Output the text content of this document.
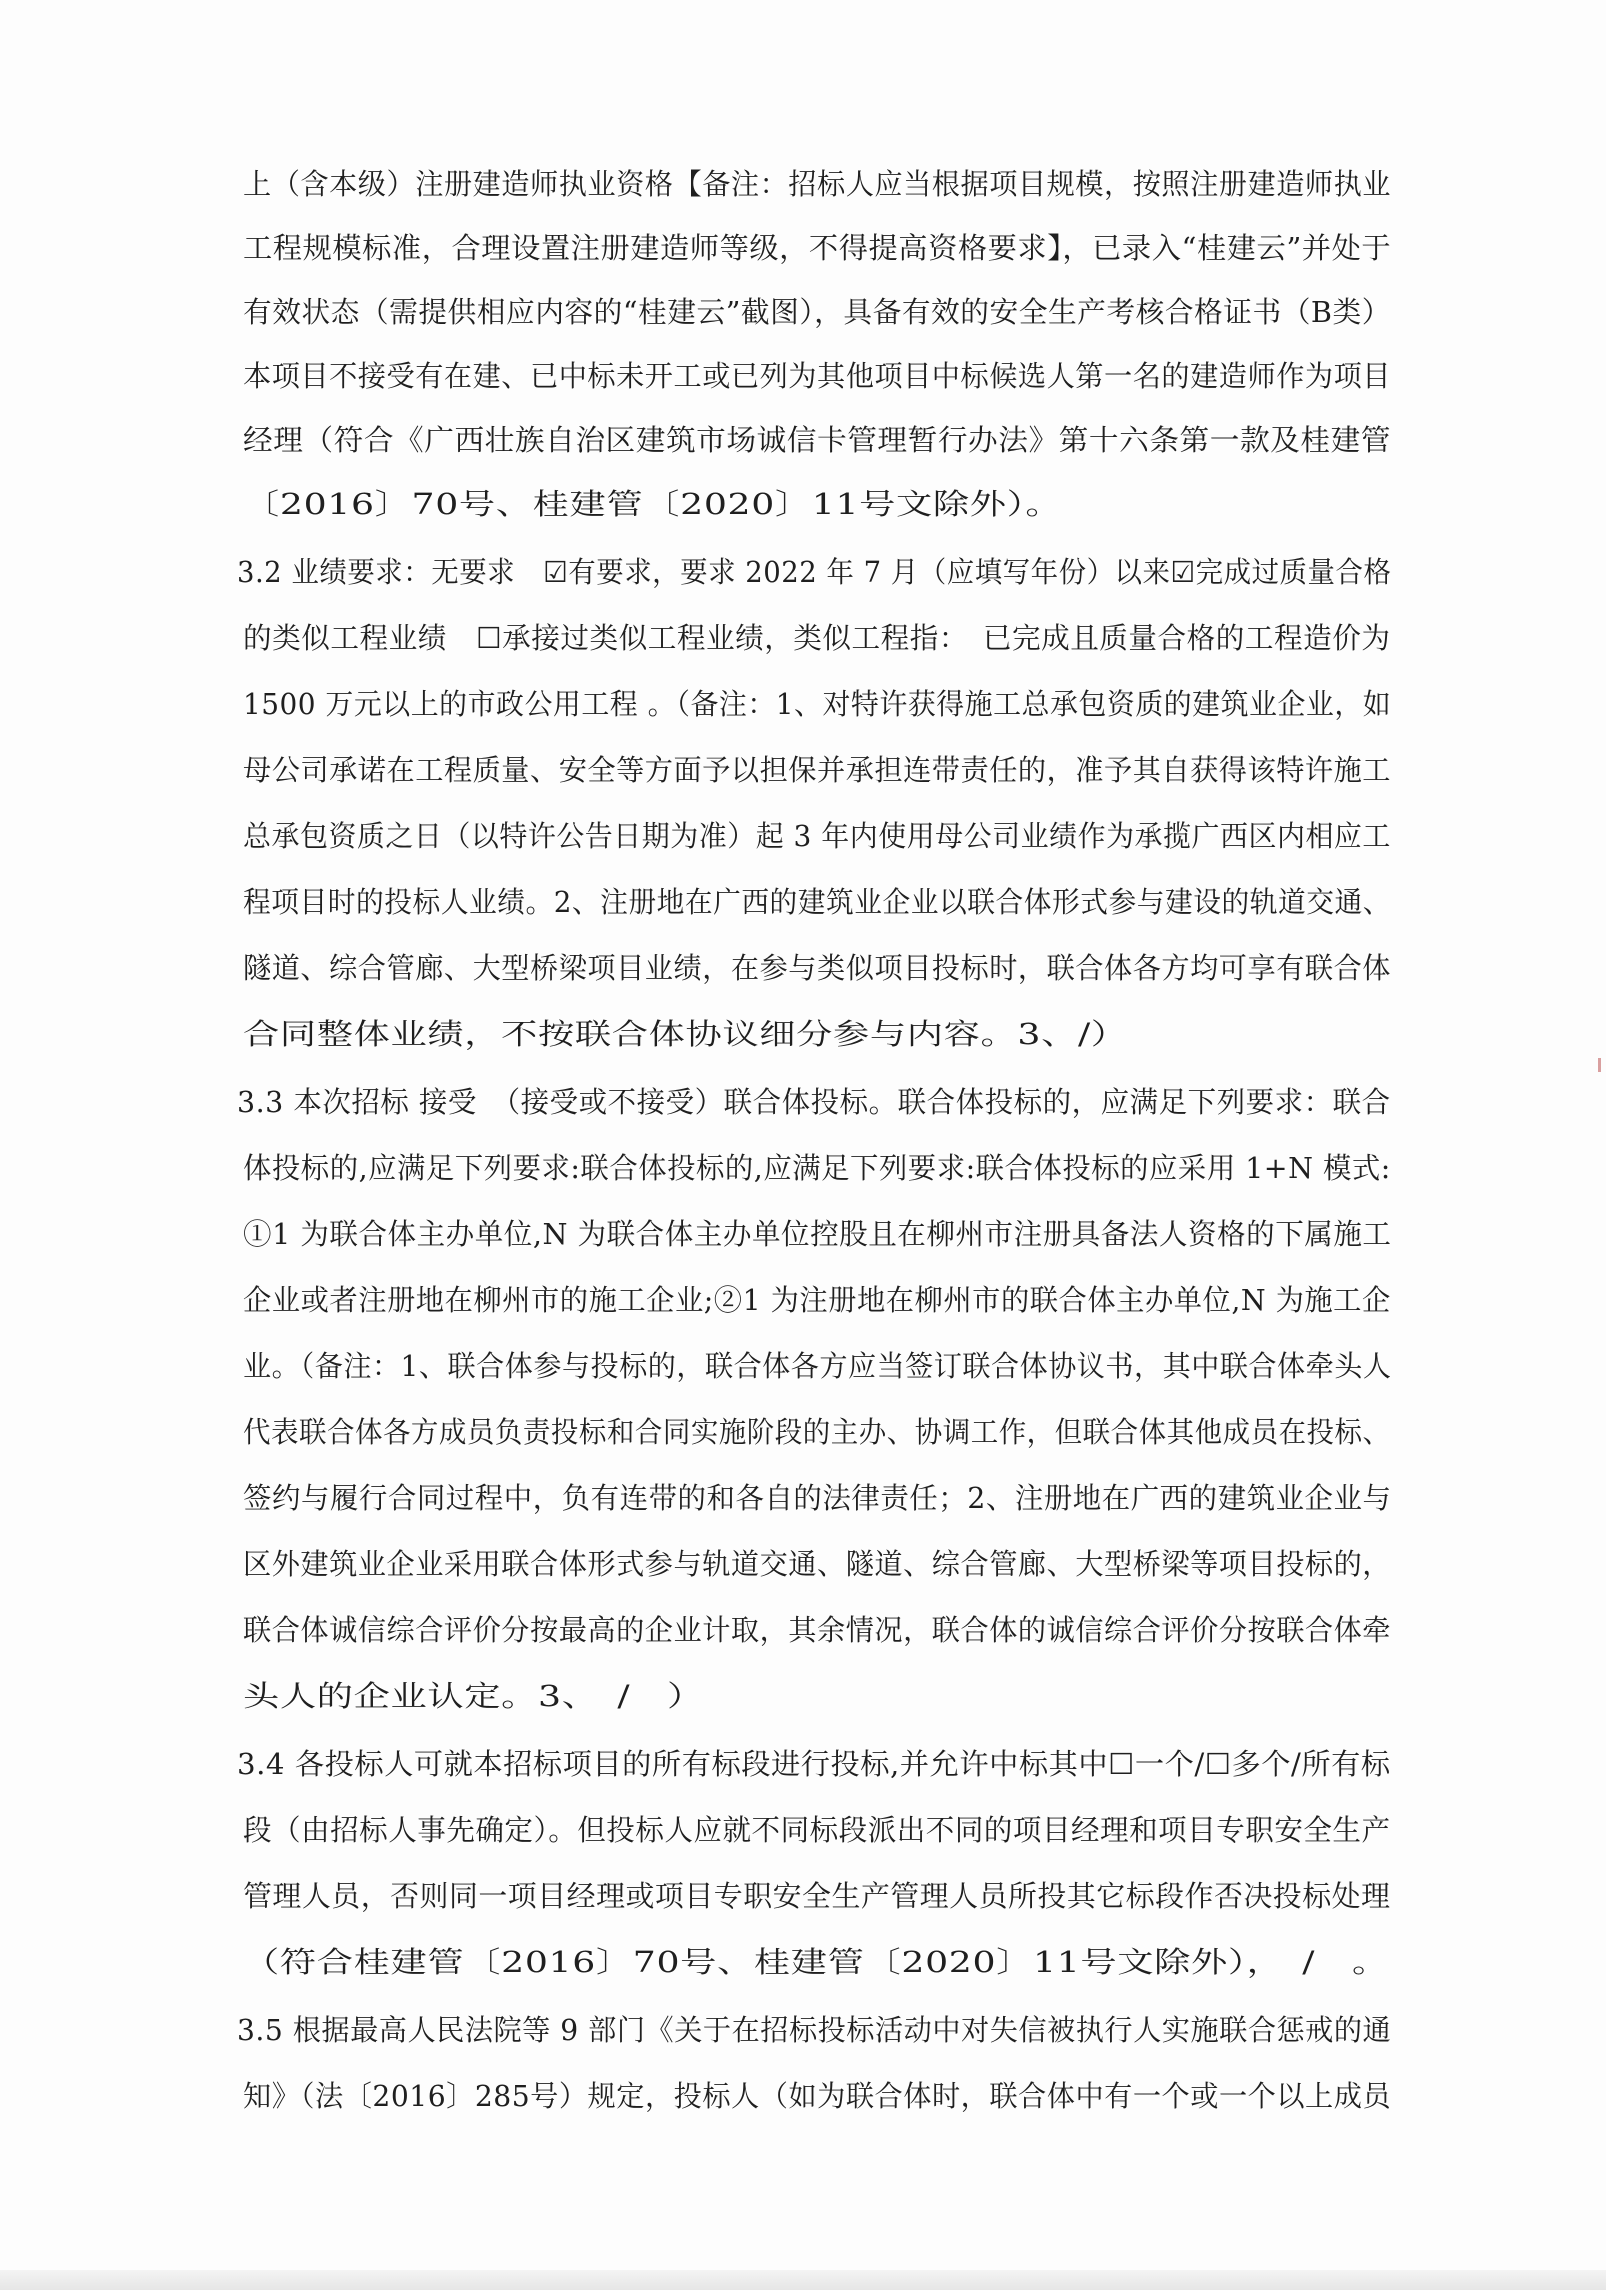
上（含本级）注册建造师执业资格【备注：招标人应当根据项目规模，按照注册建造师执业
工程规模标准，合理设置注册建造师等级，不得提高资格要求】，已录入“桂建云”并处于
有效状态（需提供相应内容的“桂建云”截图），具备有效的安全生产考核合格证书（B类）
本项目不接受有在建、已中标未开工或已列为其他项目中标候选人第一名的建造师作为项目
经理（符合《广西壮族自治区建筑市场诚信卡管理暂行办法》第十六条第一款及桂建管
〔2016〕70号、桂建管〔2020〕11号文除外）。
3.2 业绩要求：无要求　☑有要求，要求 2022 年 7 月（应填写年份）以来☑完成过质量合格
的类似工程业绩　☐承接过类似工程业绩，类似工程指：　已完成且质量合格的工程造价为
1500 万元以上的市政公用工程 。（备注：1、对特许获得施工总承包资质的建筑业企业，如
母公司承诺在工程质量、安全等方面予以担保并承担连带责任的，准予其自获得该特许施工
总承包资质之日（以特许公告日期为准）起 3 年内使用母公司业绩作为承揽广西区内相应工
程项目时的投标人业绩。2、注册地在广西的建筑业企业以联合体形式参与建设的轨道交通、
隧道、综合管廊、大型桥梁项目业绩，在参与类似项目投标时，联合体各方均可享有联合体
合同整体业绩，不按联合体协议细分参与内容。3、/）
3.3 本次招标 接受　（接受或不接受）联合体投标。联合体投标的，应满足下列要求：联合
体投标的,应满足下列要求:联合体投标的,应满足下列要求:联合体投标的应采用 1+N 模式:
①1 为联合体主办单位,N 为联合体主办单位控股且在柳州市注册具备法人资格的下属施工
企业或者注册地在柳州市的施工企业;②1 为注册地在柳州市的联合体主办单位,N 为施工企
业。（备注：1、联合体参与投标的，联合体各方应当签订联合体协议书，其中联合体牵头人
代表联合体各方成员负责投标和合同实施阶段的主办、协调工作，但联合体其他成员在投标、
签约与履行合同过程中，负有连带的和各自的法律责任；2、注册地在广西的建筑业企业与
区外建筑业企业采用联合体形式参与轨道交通、隧道、综合管廊、大型桥梁等项目投标的，
联合体诚信综合评价分按最高的企业计取，其余情况，联合体的诚信综合评价分按联合体牵
头人的企业认定。3、　/　）
3.4 各投标人可就本招标项目的所有标段进行投标,并允许中标其中☐一个/☐多个/所有标
段（由招标人事先确定）。但投标人应就不同标段派出不同的项目经理和项目专职安全生产
管理人员，否则同一项目经理或项目专职安全生产管理人员所投其它标段作否决投标处理
（符合桂建管〔2016〕70号、桂建管〔2020〕11号文除外），　/　。
3.5 根据最高人民法院等 9 部门《关于在招标投标活动中对失信被执行人实施联合惩戒的通
知》（法〔2016〕285号）规定，投标人（如为联合体时，联合体中有一个或一个以上成员
